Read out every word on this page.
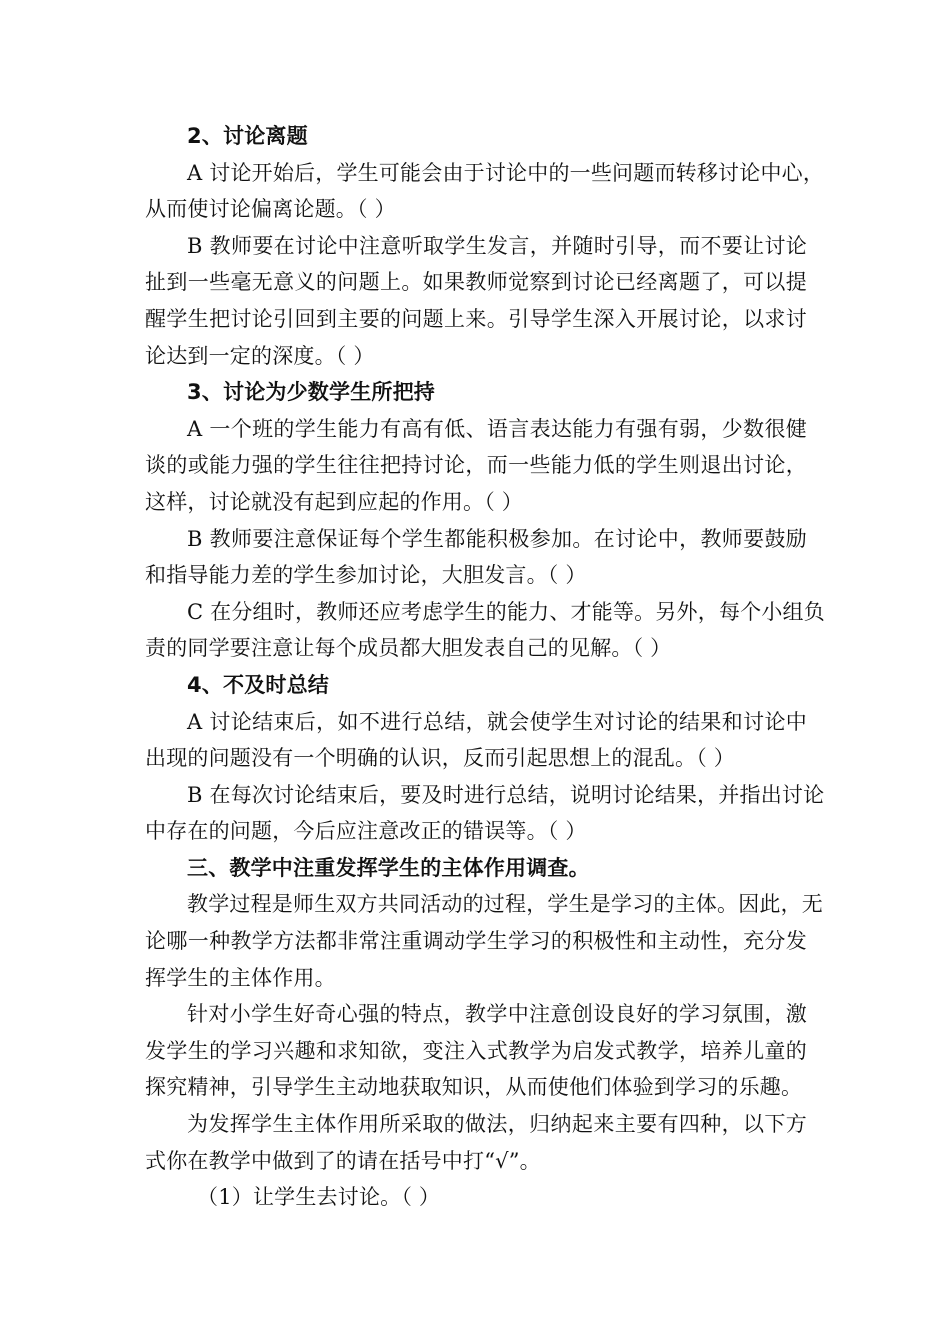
2、讨论离题
A 讨论开始后，学生可能会由于讨论中的一些问题而转移讨论中心，
从而使讨论偏离论题。（ ）
B 教师要在讨论中注意听取学生发言，并随时引导，而不要让讨论
扯到一些毫无意义的问题上。如果教师觉察到讨论已经离题了，可以提
醒学生把讨论引回到主要的问题上来。引导学生深入开展讨论，以求讨
论达到一定的深度。（ ）
3、讨论为少数学生所把持
A 一个班的学生能力有高有低、语言表达能力有强有弱，少数很健
谈的或能力强的学生往往把持讨论，而一些能力低的学生则退出讨论，
这样，讨论就没有起到应起的作用。（ ）
B 教师要注意保证每个学生都能积极参加。在讨论中，教师要鼓励
和指导能力差的学生参加讨论，大胆发言。（ ）
C 在分组时，教师还应考虑学生的能力、才能等。另外，每个小组负
责的同学要注意让每个成员都大胆发表自己的见解。（ ）
4、不及时总结
A 讨论结束后，如不进行总结，就会使学生对讨论的结果和讨论中
出现的问题没有一个明确的认识，反而引起思想上的混乱。（ ）
B 在每次讨论结束后，要及时进行总结，说明讨论结果，并指出讨论
中存在的问题，今后应注意改正的错误等。（ ）
三、教学中注重发挥学生的主体作用调查。
教学过程是师生双方共同活动的过程，学生是学习的主体。因此，无
论哪一种教学方法都非常注重调动学生学习的积极性和主动性，充分发
挥学生的主体作用。
针对小学生好奇心强的特点，教学中注意创设良好的学习氛围，激
发学生的学习兴趣和求知欲，变注入式教学为启发式教学，培养儿童的
探究精神，引导学生主动地获取知识，从而使他们体验到学习的乐趣。
为发挥学生主体作用所采取的做法，归纳起来主要有四种，以下方
式你在教学中做到了的请在括号中打“√”。
（1）让学生去讨论。（ ）
